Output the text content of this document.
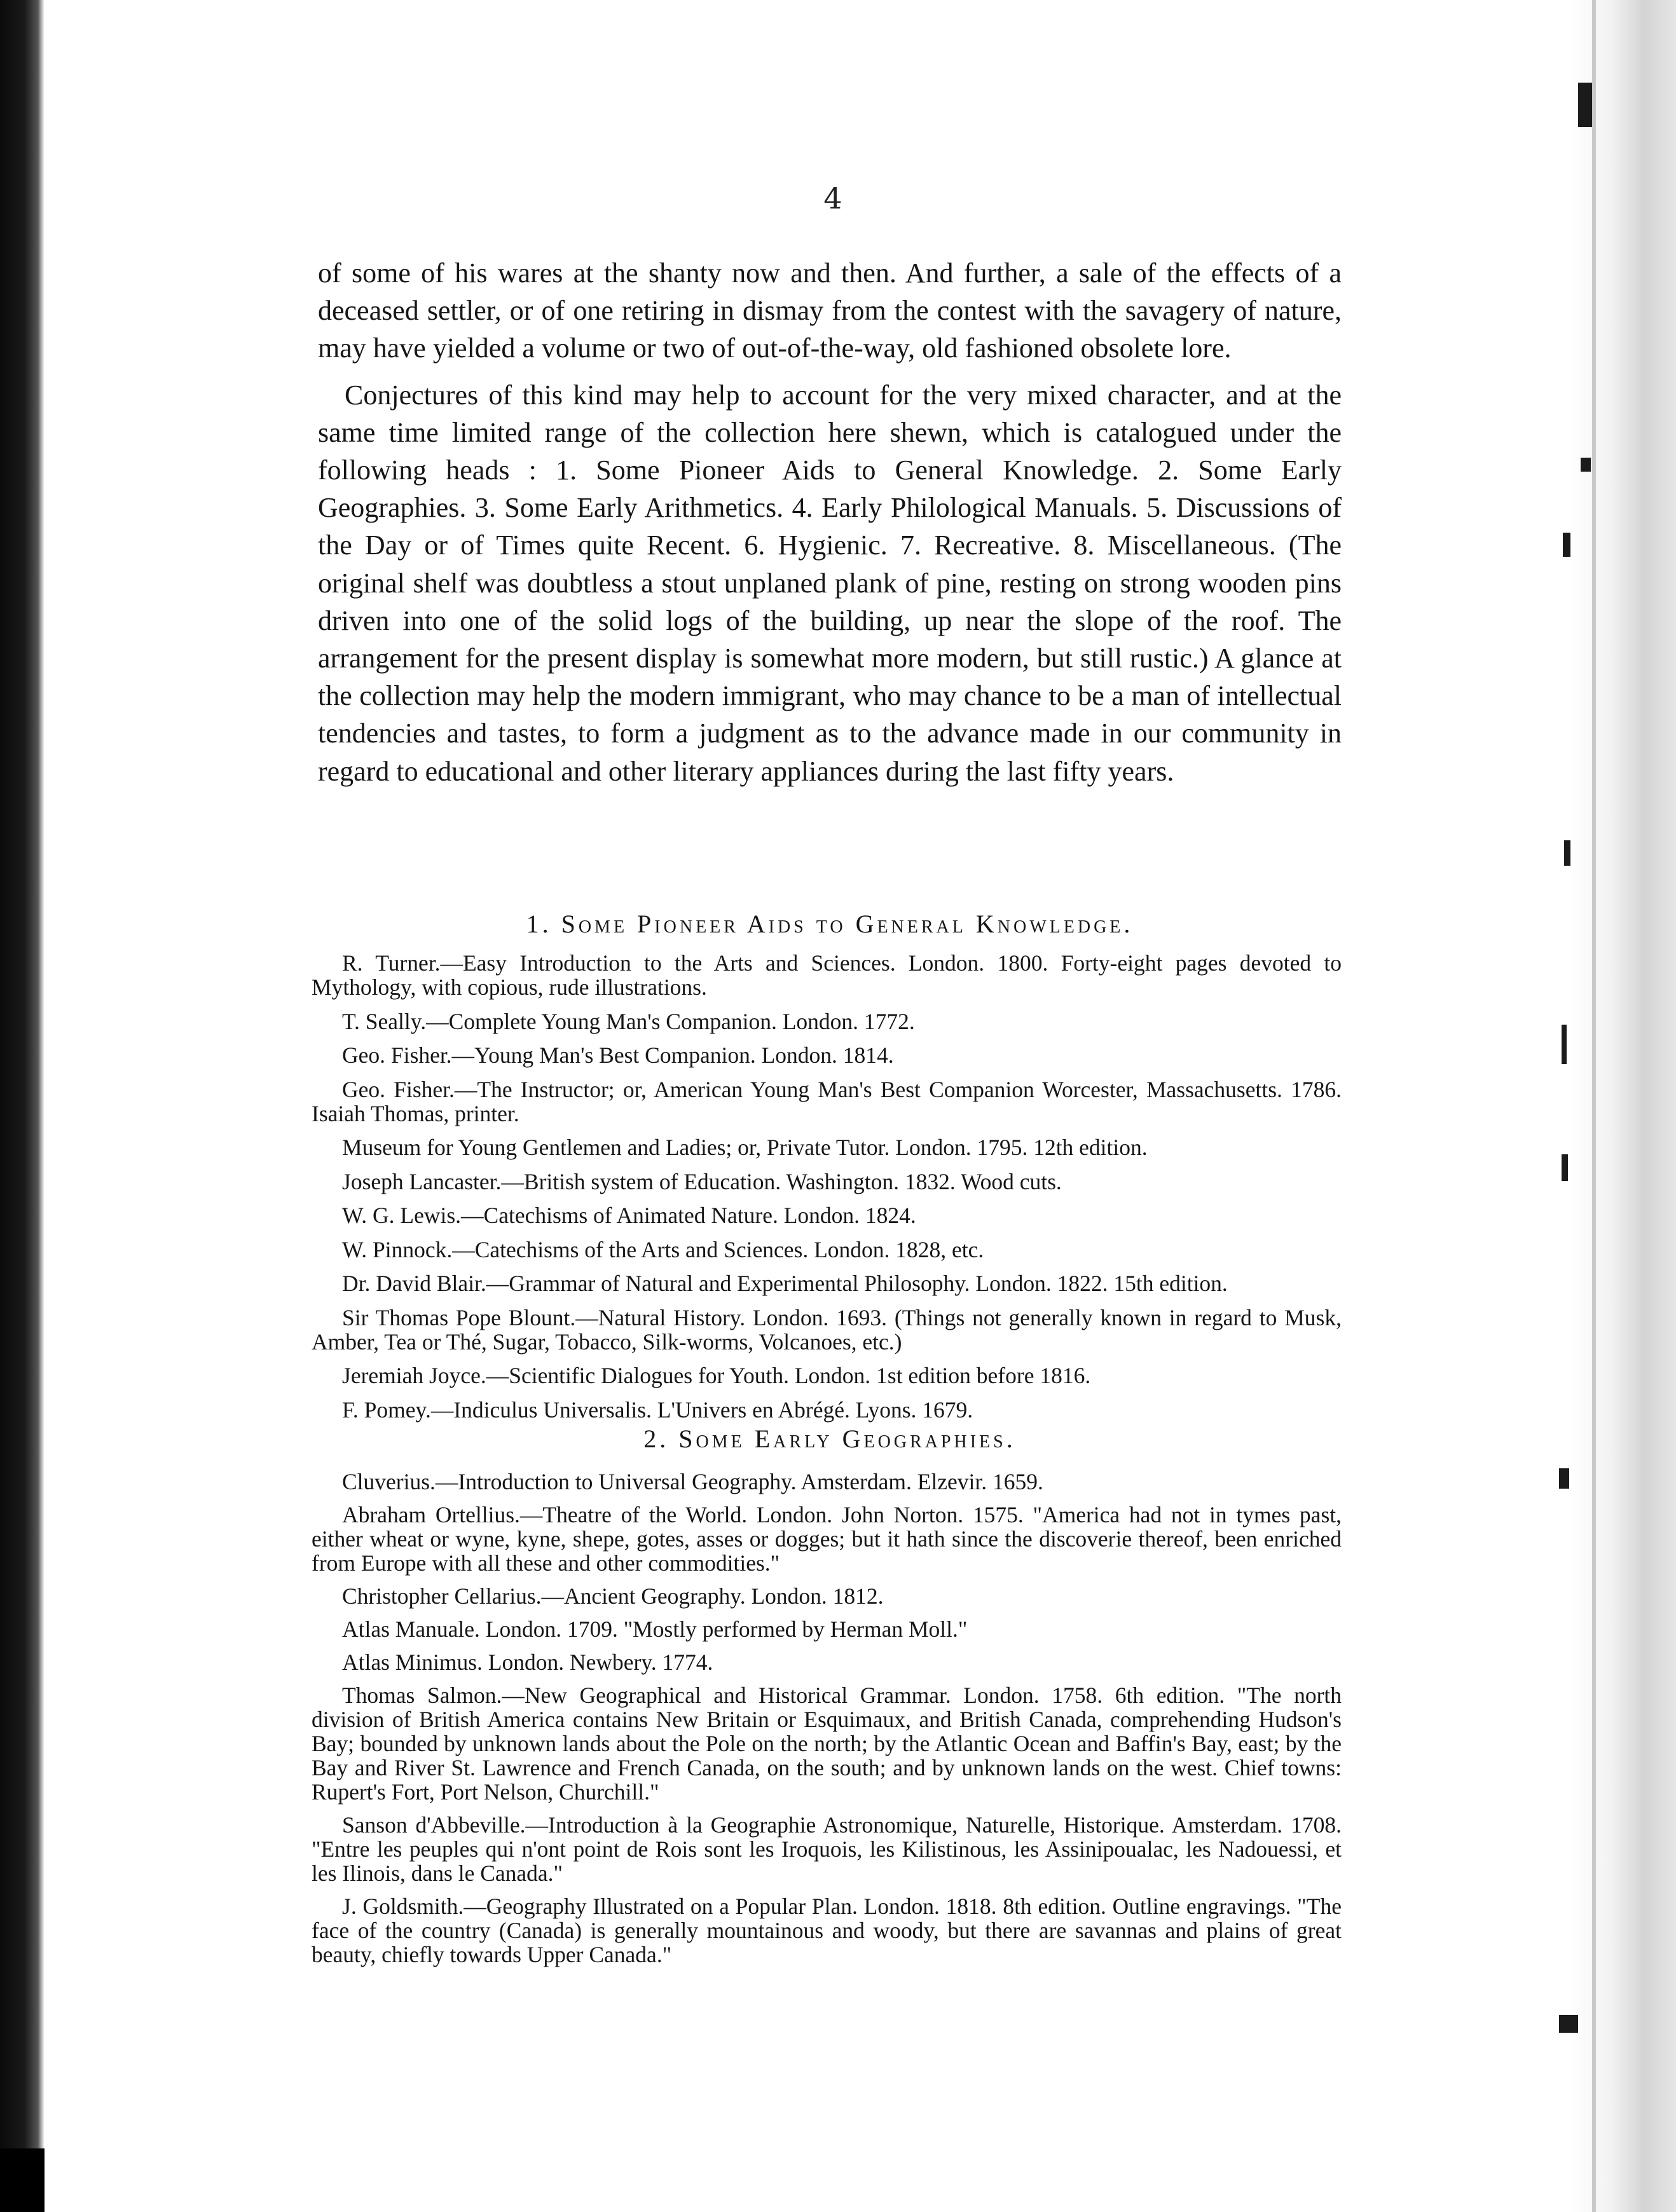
4

of some of his wares at the shanty now and then. And further, a sale of the effects of a deceased settler, or of one retiring in dismay from the contest with the savagery of nature, may have yielded a volume or two of out-of-the-way, old fashioned obsolete lore.

Conjectures of this kind may help to account for the very mixed character, and at the same time limited range of the collection here shewn, which is catalogued under the following heads : 1. Some Pioneer Aids to General Knowledge. 2. Some Early Geographies. 3. Some Early Arithmetics. 4. Early Philological Manuals. 5. Discussions of the Day or of Times quite Recent. 6. Hygienic. 7. Recreative. 8. Miscellaneous. (The original shelf was doubtless a stout unplaned plank of pine, resting on strong wooden pins driven into one of the solid logs of the building, up near the slope of the roof. The arrangement for the present display is somewhat more modern, but still rustic.) A glance at the collection may help the modern immigrant, who may chance to be a man of intellectual tendencies and tastes, to form a judgment as to the advance made in our community in regard to educational and other literary appliances during the last fifty years.

1. Some Pioneer Aids to General Knowledge.

R. Turner.—Easy Introduction to the Arts and Sciences. London. 1800. Forty-eight pages devoted to Mythology, with copious, rude illustrations.

T. Seally.—Complete Young Man's Companion. London. 1772.

Geo. Fisher.—Young Man's Best Companion. London. 1814.

Geo. Fisher.—The Instructor; or, American Young Man's Best Companion Worcester, Massachusetts. 1786. Isaiah Thomas, printer.

Museum for Young Gentlemen and Ladies; or, Private Tutor. London. 1795. 12th edition.

Joseph Lancaster.—British system of Education. Washington. 1832. Wood cuts.

W. G. Lewis.—Catechisms of Animated Nature. London. 1824.

W. Pinnock.—Catechisms of the Arts and Sciences. London. 1828, etc.

Dr. David Blair.—Grammar of Natural and Experimental Philosophy. London. 1822. 15th edition.

Sir Thomas Pope Blount.—Natural History. London. 1693. (Things not generally known in regard to Musk, Amber, Tea or Thé, Sugar, Tobacco, Silk-worms, Volcanoes, etc.)

Jeremiah Joyce.—Scientific Dialogues for Youth. London. 1st edition before 1816.

F. Pomey.—Indiculus Universalis. L'Univers en Abrégé. Lyons. 1679.

2. Some Early Geographies.

Cluverius.—Introduction to Universal Geography. Amsterdam. Elzevir. 1659.

Abraham Ortellius.—Theatre of the World. London. John Norton. 1575. "America had not in tymes past, either wheat or wyne, kyne, shepe, gotes, asses or dogges; but it hath since the discoverie thereof, been enriched from Europe with all these and other commodities."

Christopher Cellarius.—Ancient Geography. London. 1812.

Atlas Manuale. London. 1709. "Mostly performed by Herman Moll."

Atlas Minimus. London. Newbery. 1774.

Thomas Salmon.—New Geographical and Historical Grammar. London. 1758. 6th edition. "The north division of British America contains New Britain or Esquimaux, and British Canada, comprehending Hudson's Bay; bounded by unknown lands about the Pole on the north; by the Atlantic Ocean and Baffin's Bay, east; by the Bay and River St. Lawrence and French Canada, on the south; and by unknown lands on the west. Chief towns: Rupert's Fort, Port Nelson, Churchill."

Sanson d'Abbeville.—Introduction à la Geographie Astronomique, Naturelle, Historique. Amsterdam. 1708. "Entre les peuples qui n'ont point de Rois sont les Iroquois, les Kilistinous, les Assinipoualac, les Nadouessi, et les Ilinois, dans le Canada."

J. Goldsmith.—Geography Illustrated on a Popular Plan. London. 1818. 8th edition. Outline engravings. "The face of the country (Canada) is generally mountainous and woody, but there are savannas and plains of great beauty, chiefly towards Upper Canada."
